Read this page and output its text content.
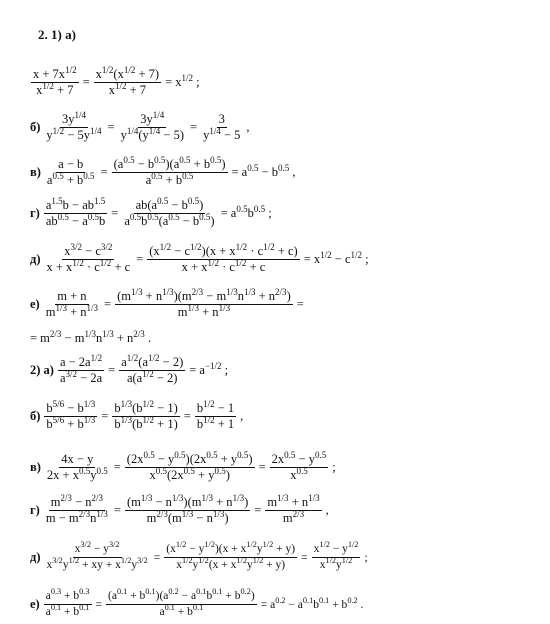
2. 1) а)
$\frac{x + 7x^{1/2}}{x^{1/2} + 7} = \frac{x^{1/2}(x^{1/2} + 7)}{x^{1/2} + 7} = x^{1/2}$ ;
$б) \frac{3y^{1/4}}{y^{1/2} - 5y^{1/4}} = \frac{3y^{1/4}}{y^{1/4}(y^{1/4} - 5)} = \frac{3}{y^{1/4} - 5}$ ,
$в) \frac{a - b}{a^{0.5} + b^{0.5}} = \frac{(a^{0.5} - b^{0.5})(a^{0.5} + b^{0.5})}{a^{0.5} + b^{0.5}} = a^{0.5} - b^{0.5}$ ,
$г) \frac{a^{1.5}b - ab^{1.5}}{ab^{0.5} - a^{0.5}b} = \frac{ab(a^{0.5} - b^{0.5})}{a^{0.5}b^{0.5}(a^{0.5} - b^{0.5})} = a^{0.5}b^{0.5}$ ;
$д) \frac{x^{3/2} - c^{3/2}}{x + x^{1/2} \cdot c^{1/2} + c} = \frac{(x^{1/2} - c^{1/2})(x + x^{1/2} \cdot c^{1/2} + c)}{x + x^{1/2} \cdot c^{1/2} + c} = x^{1/2} - c^{1/2}$ ;
$е) \frac{m + n}{m^{1/3} + n^{1/3}} = \frac{(m^{1/3} + n^{1/3})(m^{2/3} - m^{1/3}n^{1/3} + n^{2/3})}{m^{1/3} + n^{1/3}}$ =
= $m^{2/3} - m^{1/3}n^{1/3} + n^{2/3}$ .
2) $а) \frac{a - 2a^{1/2}}{a^{3/2} - 2a} = \frac{a^{1/2}(a^{1/2} - 2)}{a(a^{1/2} - 2)} = a^{-1/2}$ ;
$б) \frac{b^{5/6} - b^{1/3}}{b^{5/6} + b^{1/3}} = \frac{b^{1/3}(b^{1/2} - 1)}{b^{1/3}(b^{1/2} + 1)} = \frac{b^{1/2} - 1}{b^{1/2} + 1}$ ,
$в) \frac{4x - y}{2x + x^{0.5}y^{0.5}} = \frac{(2x^{0.5} - y^{0.5})(2x^{0.5} + y^{0.5})}{x^{0.5}(2x^{0.5} + y^{0.5})} = \frac{2x^{0.5} - y^{0.5}}{x^{0.5}}$ ;
$г) \frac{m^{2/3} - n^{2/3}}{m - m^{2/3}n^{1/3}} = \frac{(m^{1/3} - n^{1/3})(m^{1/3} + n^{1/3})}{m^{2/3}(m^{1/3} - n^{1/3})} = \frac{m^{1/3} + n^{1/3}}{m^{2/3}}$ ,
$д) \frac{x^{3/2} - y^{3/2}}{x^{3/2}y^{1/2} + xy + x^{1/2}y^{3/2}} = \frac{(x^{1/2} - y^{1/2})(x + x^{1/2}y^{1/2} + y)}{x^{1/2}y^{1/2}(x + x^{1/2}y^{1/2} + y)} = \frac{x^{1/2} - y^{1/2}}{x^{1/2}y^{1/2}}$ ;
$е) \frac{a^{0.3} + b^{0.3}}{a^{0.1} + b^{0.1}} = \frac{(a^{0.1} + b^{0.1})(a^{0.2} - a^{0.1}b^{0.1} + b^{0.2})}{a^{0.1} + b^{0.1}} = a^{0.2} - a^{0.1}b^{0.1} + b^{0.2}$ .
